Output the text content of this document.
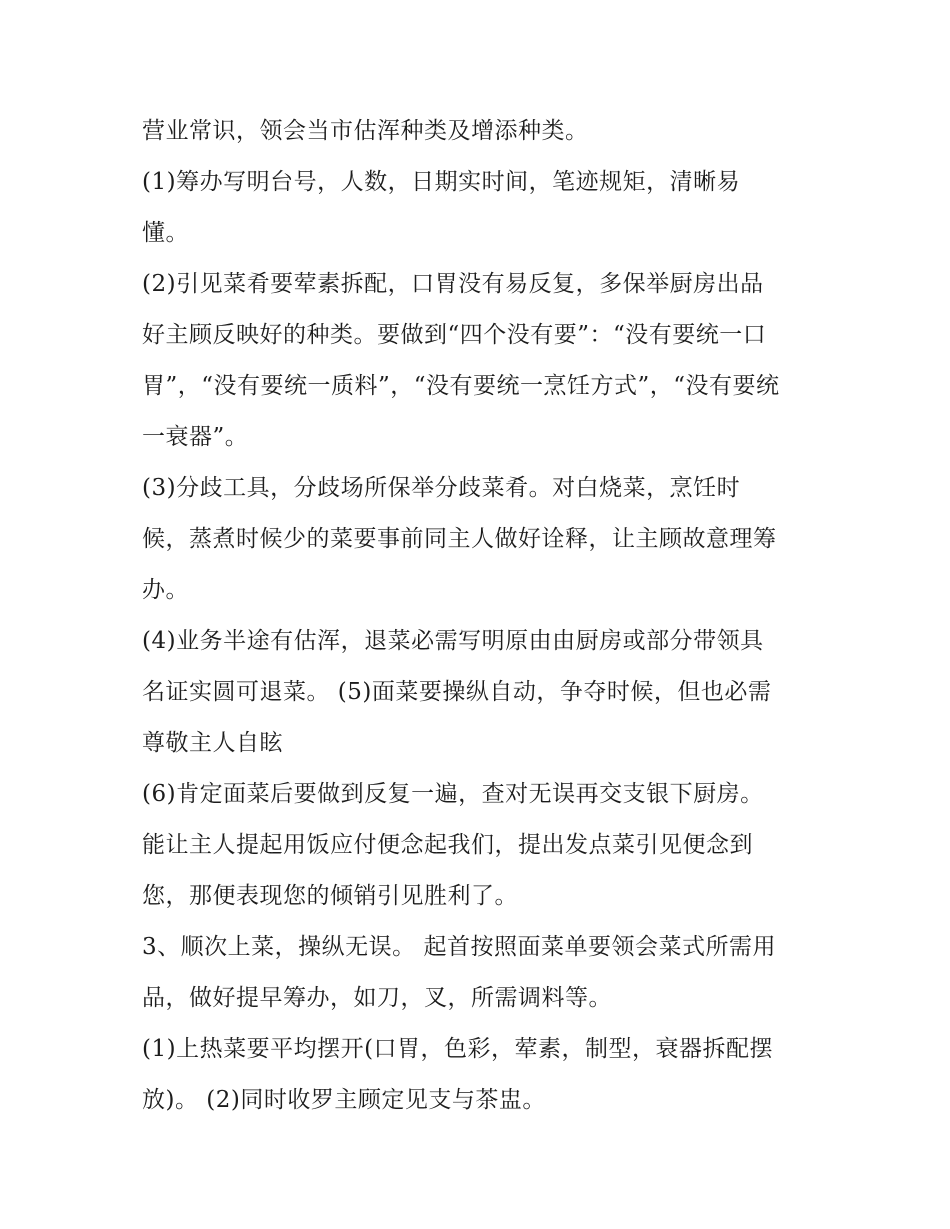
营业常识，领会当市估浑种类及增添种类。
(1)筹办写明台号，人数，日期实时间，笔迹规矩，清晰易
懂。
(2)引见菜肴要荤素拆配，口胃没有易反复，多保举厨房出品
好主顾反映好的种类。要做到“四个没有要”：“没有要统一口
胃”，“没有要统一质料”，“没有要统一烹饪方式”，“没有要统
一衰器”。
(3)分歧工具，分歧场所保举分歧菜肴。对白烧菜，烹饪时
候，蒸煮时候少的菜要事前同主人做好诠释，让主顾故意理筹
办。
(4)业务半途有估浑，退菜必需写明原由由厨房或部分带领具
名证实圆可退菜。 (5)面菜要操纵自动，争夺时候，但也必需
尊敬主人自眩
(6)肯定面菜后要做到反复一遍，查对无误再交支银下厨房。
能让主人提起用饭应付便念起我们，提出发点菜引见便念到
您，那便表现您的倾销引见胜利了。
3、顺次上菜，操纵无误。 起首按照面菜单要领会菜式所需用
品，做好提早筹办，如刀，叉，所需调料等。
(1)上热菜要平均摆开(口胃，色彩，荤素，制型，衰器拆配摆
放)。 (2)同时收罗主顾定见支与茶盅。
